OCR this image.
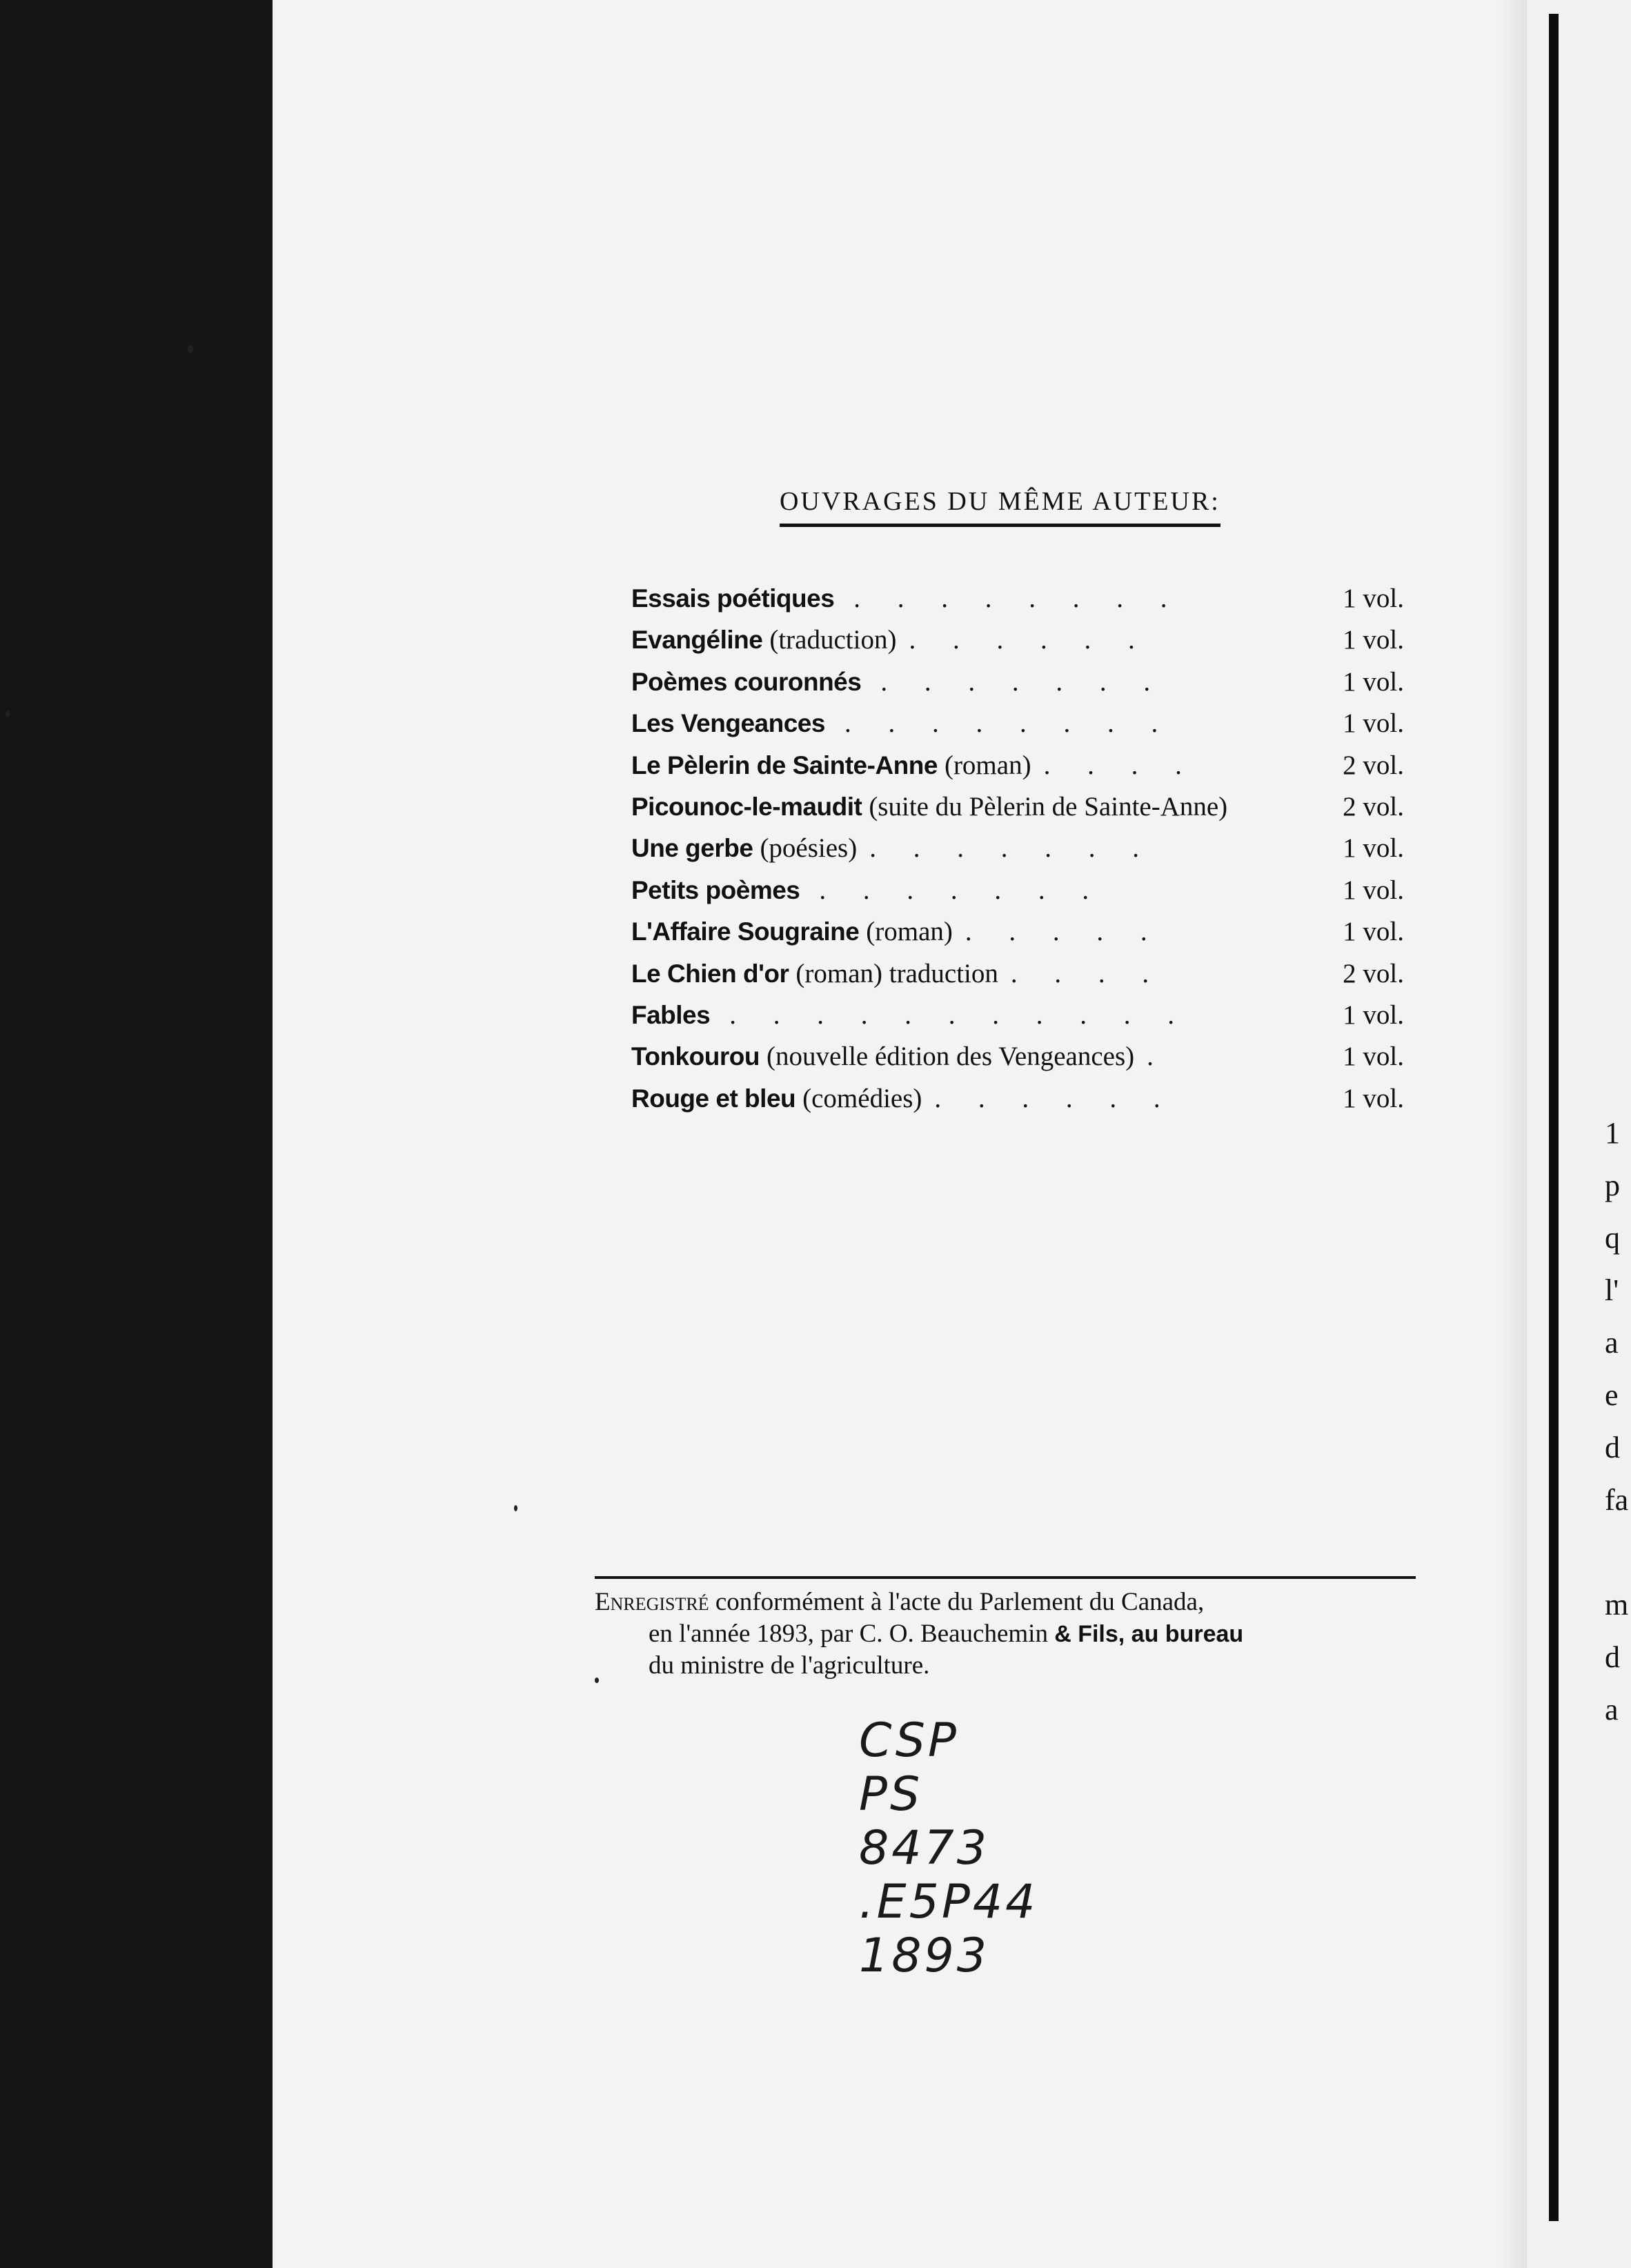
OUVRAGES DU MÊME AUTEUR:
Essais poétiques . . . . . . . .	1 vol.
Evangéline (traduction) . . . . . .	1 vol.
Poèmes couronnés . . . . . . .	1 vol.
Les Vengeances . . . . . . . .	1 vol.
Le Pèlerin de Sainte-Anne (roman) . . . .	2 vol.
Picounoc-le-maudit (suite du Pèlerin de Sainte-Anne)	2 vol.
Une gerbe (poésies) . . . . . . .	1 vol.
Petits poèmes . . . . . . .	1 vol.
L'Affaire Sougraine (roman) . . . . .	1 vol.
Le Chien d'or (roman) traduction . . . .	2 vol.
Fables . . . . . . . . . . .	1 vol.
Tonkourou (nouvelle édition des Vengeances) .	1 vol.
Rouge et bleu (comédies) . . . . . .	1 vol.
Enregistré conformément à l'acte du Parlement du Canada,
en l'année 1893, par C. O. Beauchemin & Fils, au bureau
du ministre de l'agriculture.
CSP
PS
8473
.E5P44
1893
1
p
q
l'
a
e
d
fa
m
d
a
